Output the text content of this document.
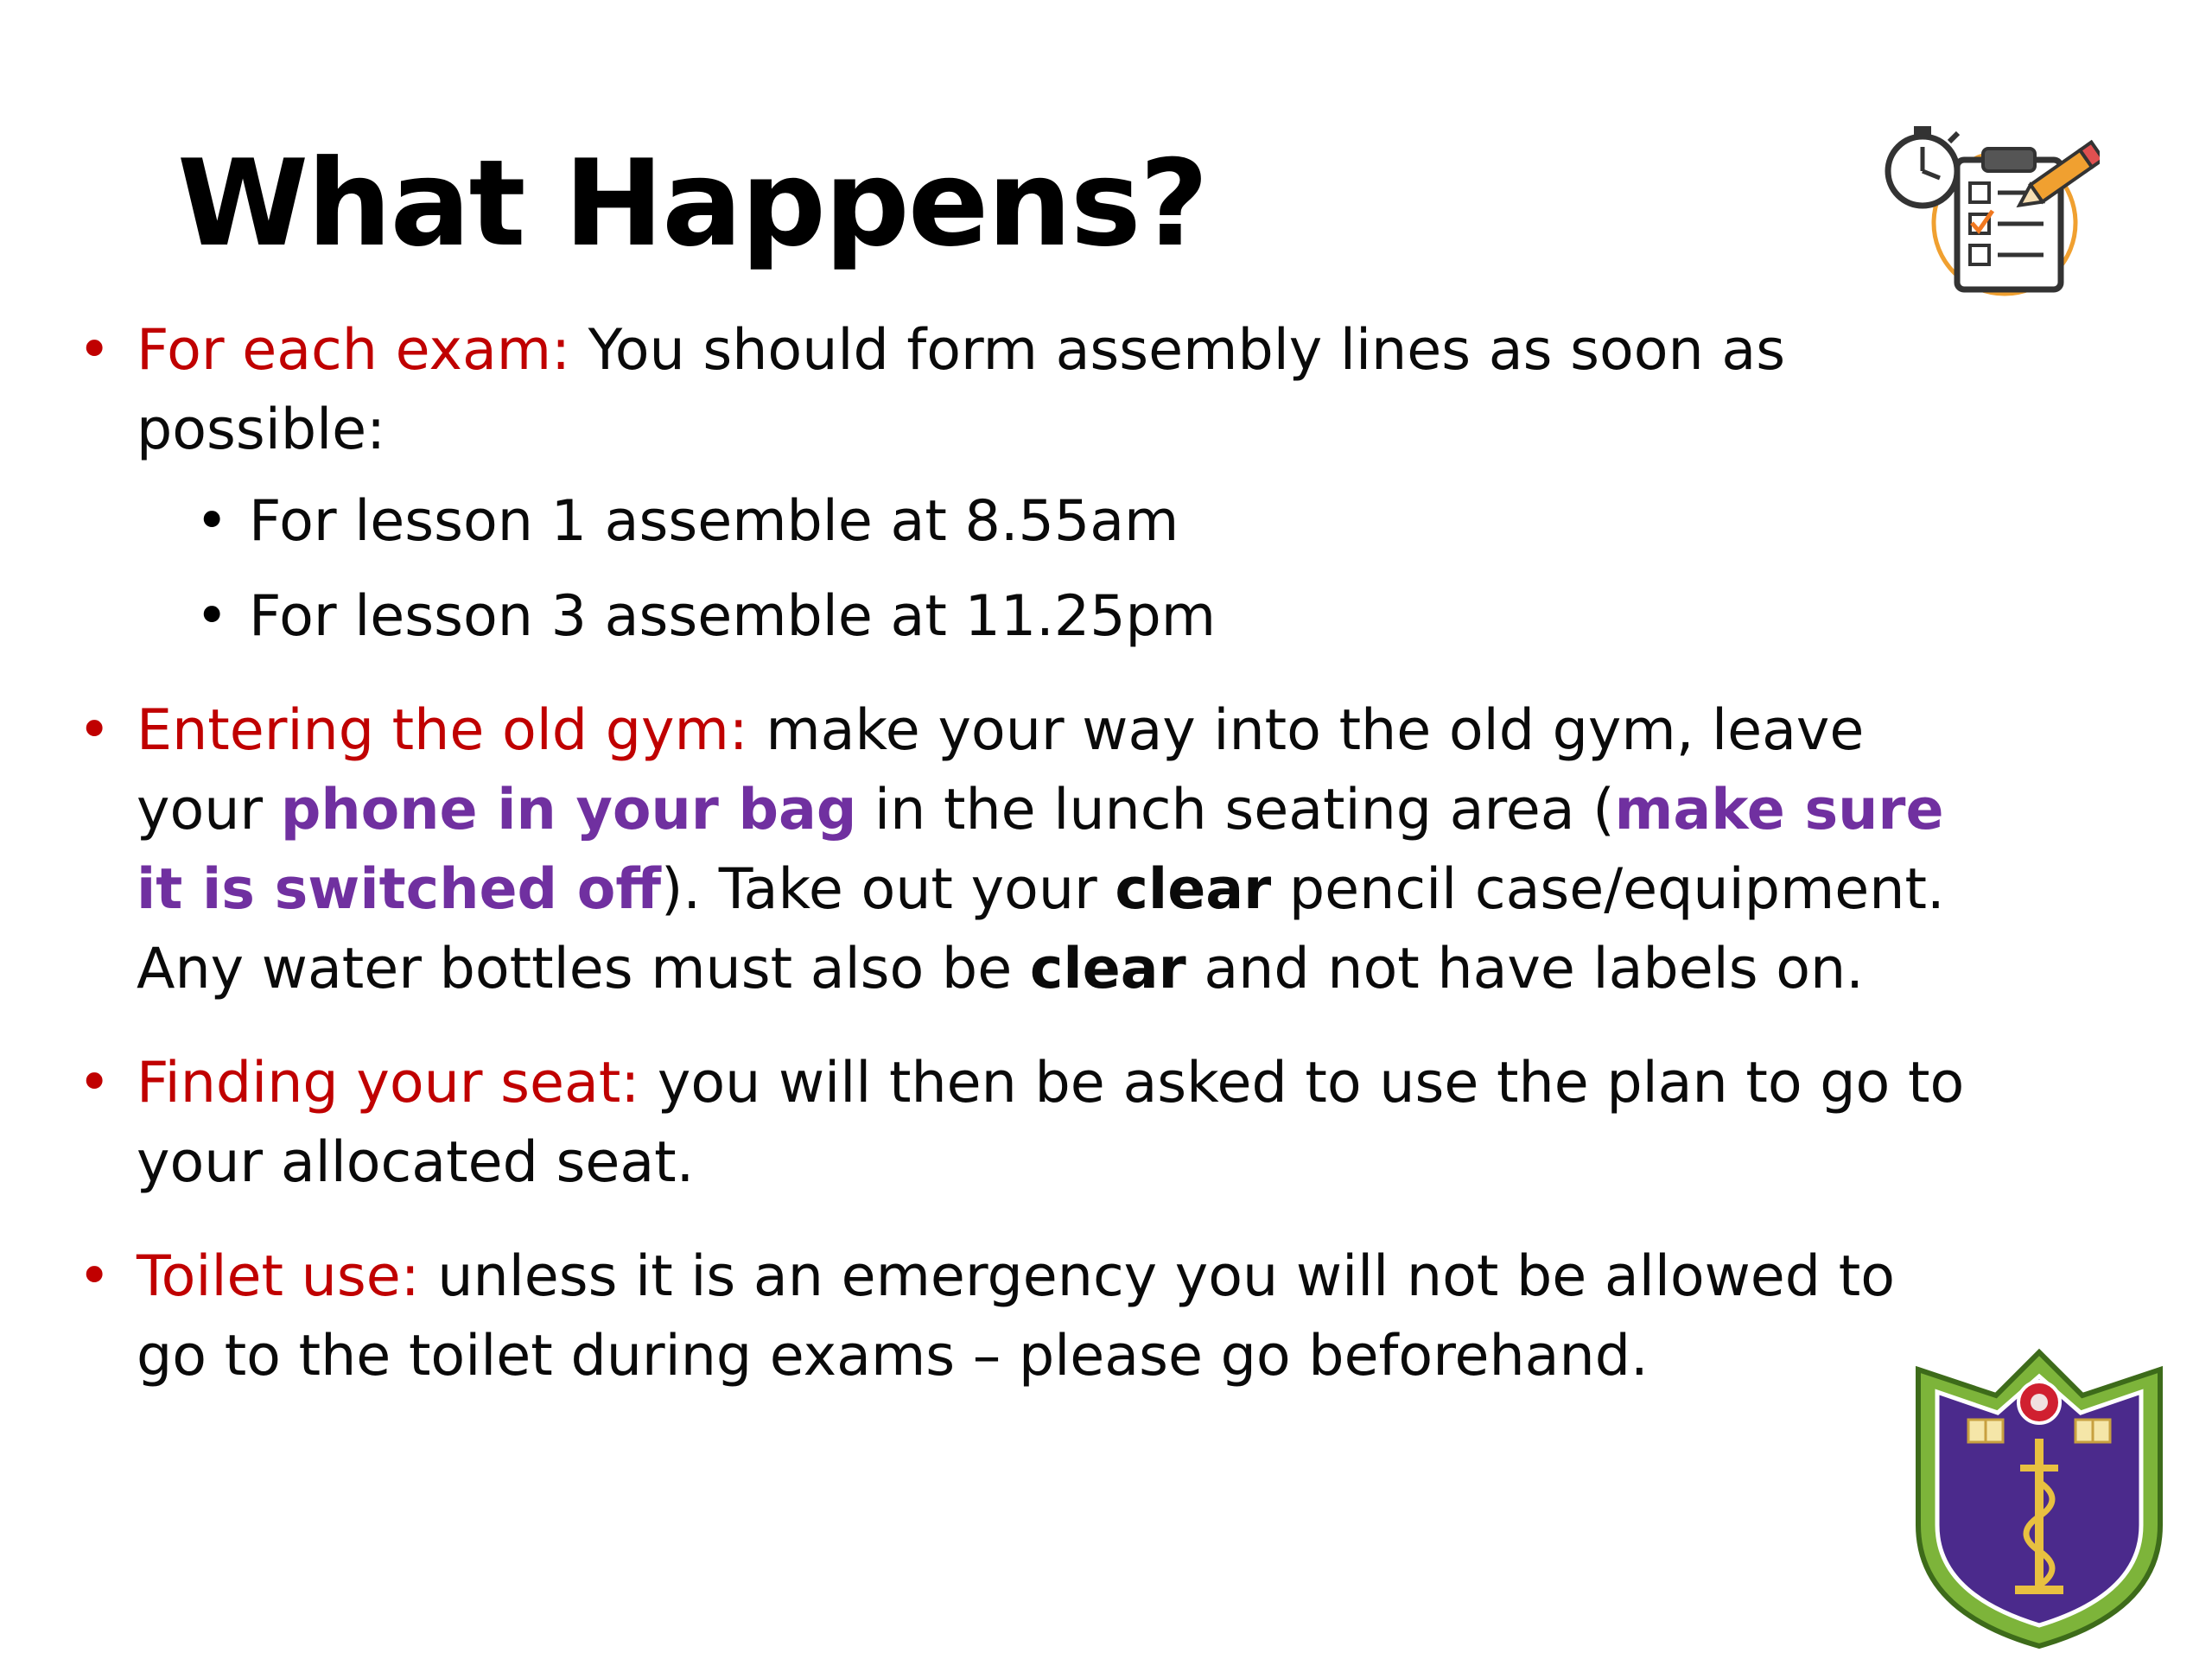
What Happens?
• For each exam: You should form assembly lines as soon as possible:
• For lesson 1 assemble at 8.55am
• For lesson 3 assemble at 11.25pm
• Entering the old gym: make your way into the old gym, leave your phone in your bag in the lunch seating area (make sure it is switched off). Take out your clear pencil case/equipment. Any water bottles must also be clear and not have labels on.
• Finding your seat: you will then be asked to use the plan to go to your allocated seat.
• Toilet use: unless it is an emergency you will not be allowed to go to the toilet during exams – please go beforehand.
